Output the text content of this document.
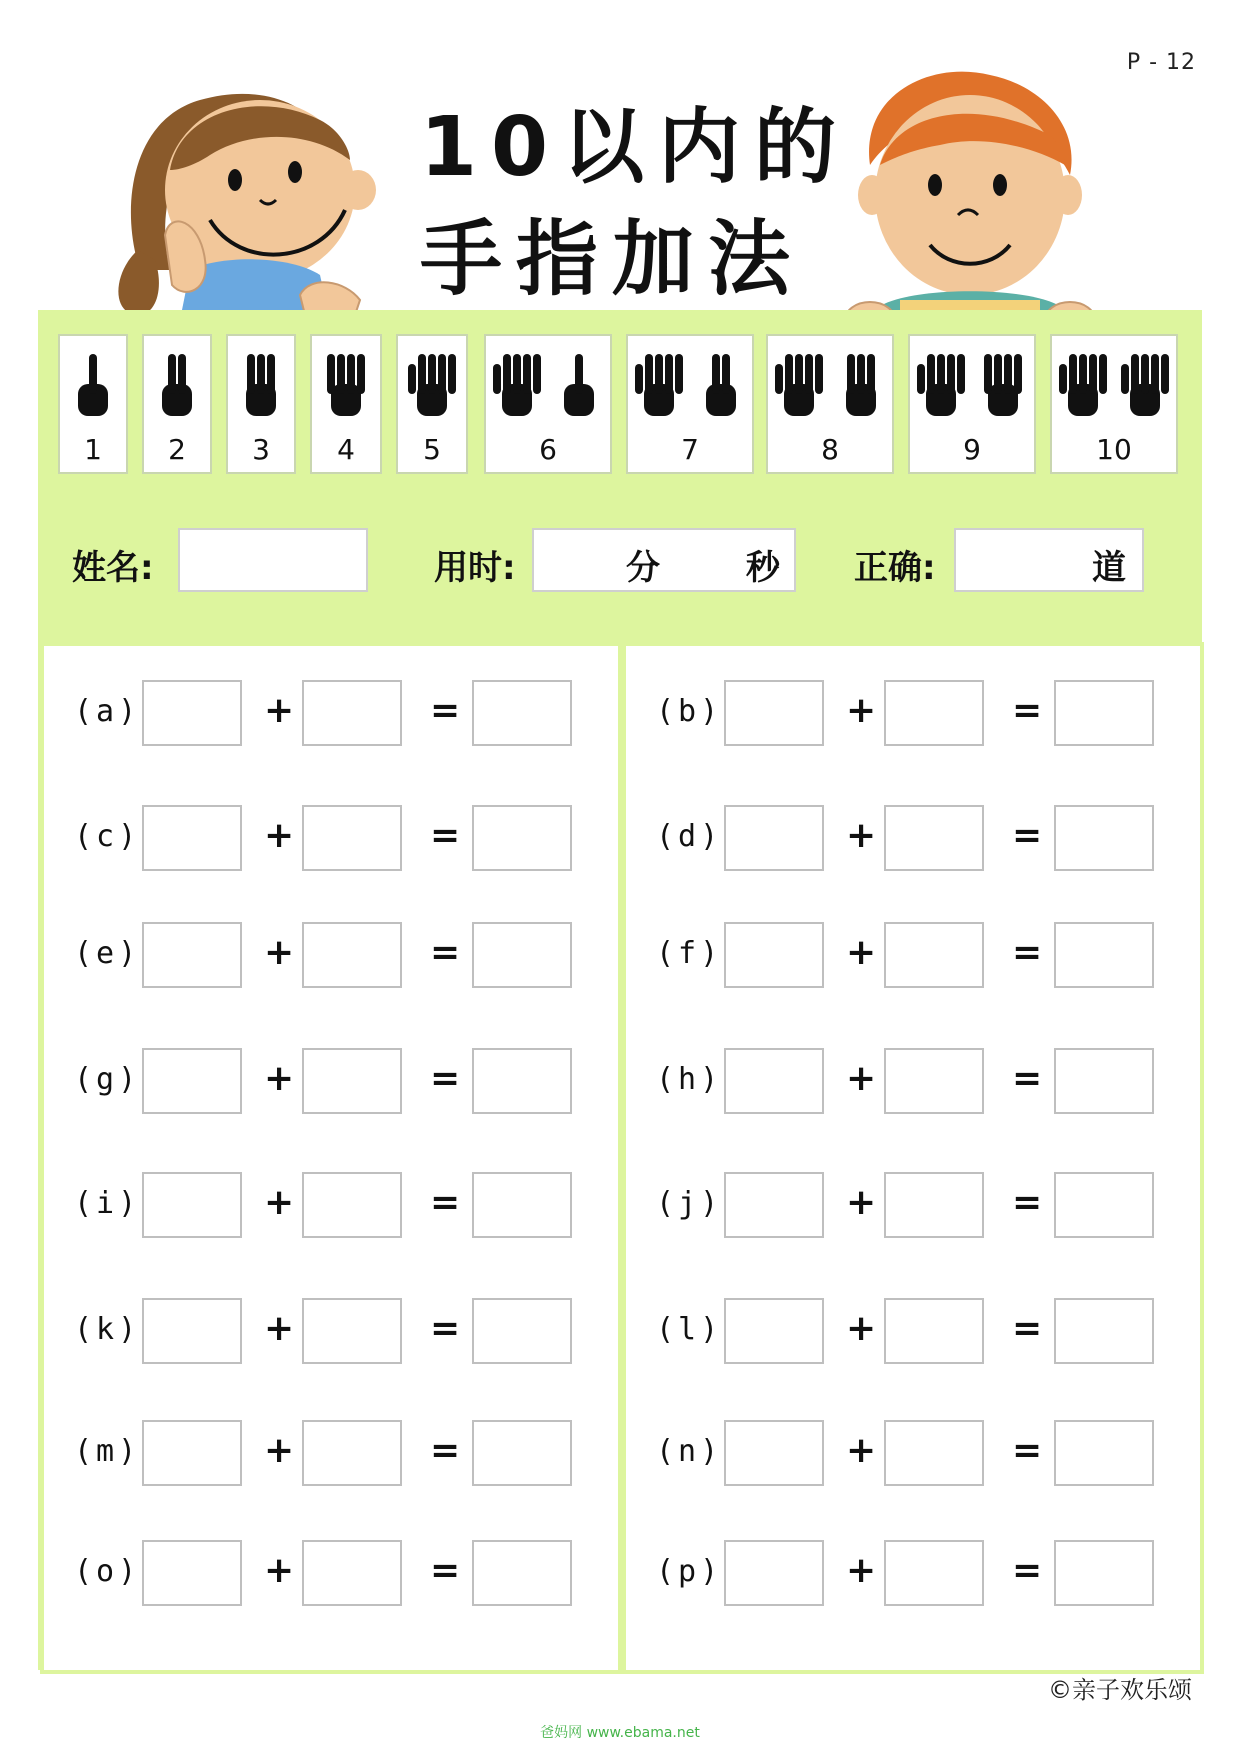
P - 12
10以内的
手指加法
1	2	3	4	5	6	7	8	9	10
姓名:	用时:	分	秒 正确:	道
(a)	+	=	(b)	+	=
(c)	+	=	(d)	+	=
(e)	+	=	(f)	+	=
(g)	+	=	(h)	+	=
(i)	+	=	(j)	+	=
(k)	+	=	(l)	+	=
(m)	+	=	(n)	+	=
(o)	+	=	(p)	+	=
©亲子欢乐颂
爸妈网 www.ebama.net
